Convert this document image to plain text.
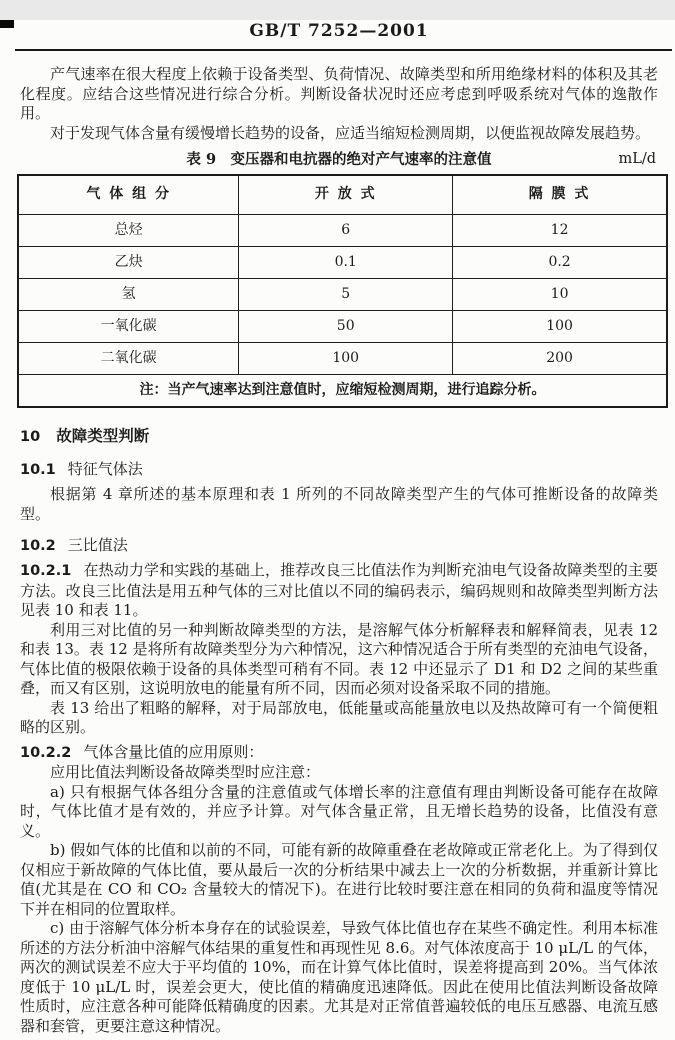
GB/T 7252—2001

产气速率在很大程度上依赖于设备类型、负荷情况、故障类型和所用绝缘材料的体积及其老化程度。应结合这些情况进行综合分析。判断设备状况时还应考虑到呼吸系统对气体的逸散作用。

对于发现气体含量有缓慢增长趋势的设备，应适当缩短检测周期，以便监视故障发展趋势。

表 9　变压器和电抗器的绝对产气速率的注意值	mL/d
气 体 组 分	开 放 式	隔 膜 式
总烃	6	12
乙炔	0.1	0.2
氢	5	10
一氧化碳	50	100
二氧化碳	100	200
注：当产气速率达到注意值时，应缩短检测周期，进行追踪分析。		
10 故障类型判断
10.1 特征气体法

根据第 4 章所述的基本原理和表 1 所列的不同故障类型产生的气体可推断设备的故障类型。

10.2 三比值法

10.2.1 在热动力学和实践的基础上，推荐改良三比值法作为判断充油电气设备故障类型的主要方法。改良三比值法是用五种气体的三对比值以不同的编码表示，编码规则和故障类型判断方法见表 10 和表 11。

利用三对比值的另一种判断故障类型的方法，是溶解气体分析解释表和解释简表，见表 12 和表 13。表 12 是将所有故障类型分为六种情况，这六种情况适合于所有类型的充油电气设备，气体比值的极限依赖于设备的具体类型可稍有不同。表 12 中还显示了 D1 和 D2 之间的某些重叠，而又有区别，这说明放电的能量有所不同，因而必须对设备采取不同的措施。

表 13 给出了粗略的解释，对于局部放电，低能量或高能量放电以及热故障可有一个简便粗略的区别。

10.2.2 气体含量比值的应用原则：

应用比值法判断设备故障类型时应注意：

a) 只有根据气体各组分含量的注意值或气体增长率的注意值有理由判断设备可能存在故障时，气体比值才是有效的，并应予计算。对气体含量正常，且无增长趋势的设备，比值没有意义。

b) 假如气体的比值和以前的不同，可能有新的故障重叠在老故障或正常老化上。为了得到仅仅相应于新故障的气体比值，要从最后一次的分析结果中减去上一次的分析数据，并重新计算比值(尤其是在 CO 和 CO₂ 含量较大的情况下)。在进行比较时要注意在相同的负荷和温度等情况下并在相同的位置取样。

c) 由于溶解气体分析本身存在的试验误差，导致气体比值也存在某些不确定性。利用本标准所述的方法分析油中溶解气体结果的重复性和再现性见 8.6。对气体浓度高于 10 μL/L 的气体，两次的测试误差不应大于平均值的 10%，而在计算气体比值时，误差将提高到 20%。当气体浓度低于 10 μL/L 时，误差会更大，使比值的精确度迅速降低。因此在使用比值法判断设备故障性质时，应注意各种可能降低精确度的因素。尤其是对正常值普遍较低的电压互感器、电流互感器和套管，更要注意这种情况。
